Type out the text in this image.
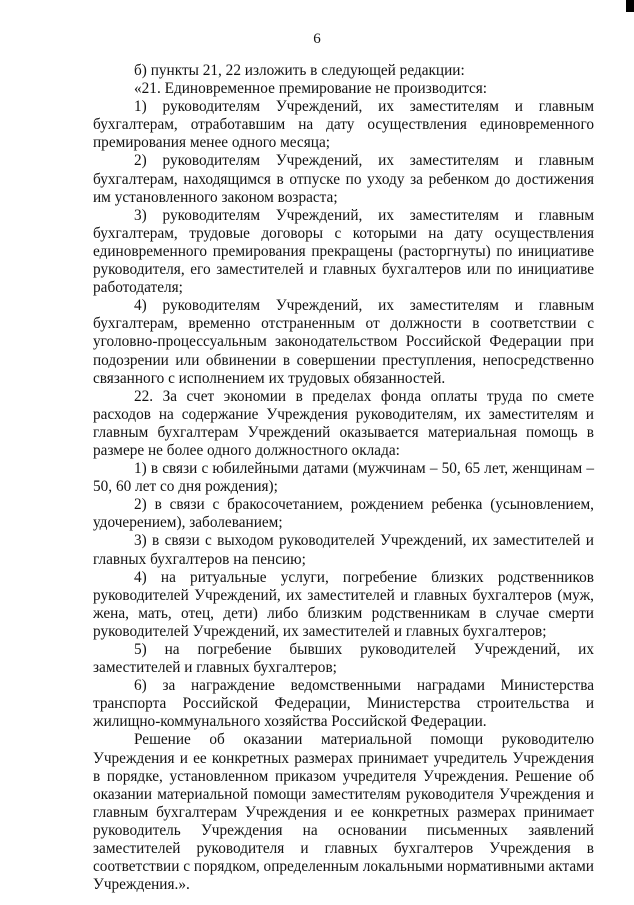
6

б) пункты 21, 22 изложить в следующей редакции:

«21. Единовременное премирование не производится:

1) руководителям Учреждений, их заместителям и главным бухгалтерам, отработавшим на дату осуществления единовременного премирования менее одного месяца;

2) руководителям Учреждений, их заместителям и главным бухгалтерам, находящимся в отпуске по уходу за ребенком до достижения им установленного законом возраста;

3) руководителям Учреждений, их заместителям и главным бухгалтерам, трудовые договоры с которыми на дату осуществления единовременного премирования прекращены (расторгнуты) по инициативе руководителя, его заместителей и главных бухгалтеров или по инициативе работодателя;

4) руководителям Учреждений, их заместителям и главным бухгалтерам, временно отстраненным от должности в соответствии с уголовно-процессуальным законодательством Российской Федерации при подозрении или обвинении в совершении преступления, непосредственно связанного с исполнением их трудовых обязанностей.

22. За счет экономии в пределах фонда оплаты труда по смете расходов на содержание Учреждения руководителям, их заместителям и главным бухгалтерам Учреждений оказывается материальная помощь в размере не более одного должностного оклада:

1) в связи с юбилейными датами (мужчинам – 50, 65 лет, женщинам – 50, 60 лет со дня рождения);

2) в связи с бракосочетанием, рождением ребенка (усыновлением, удочерением), заболеванием;

3) в связи с выходом руководителей Учреждений, их заместителей и главных бухгалтеров на пенсию;

4) на ритуальные услуги, погребение близких родственников руководителей Учреждений, их заместителей и главных бухгалтеров (муж, жена, мать, отец, дети) либо близким родственникам в случае смерти руководителей Учреждений, их заместителей и главных бухгалтеров;

5) на погребение бывших руководителей Учреждений, их заместителей и главных бухгалтеров;

6) за награждение ведомственными наградами Министерства транспорта Российской Федерации, Министерства строительства и жилищно-коммунального хозяйства Российской Федерации.

Решение об оказании материальной помощи руководителю Учреждения и ее конкретных размерах принимает учредитель Учреждения в порядке, установленном приказом учредителя Учреждения. Решение об оказании материальной помощи заместителям руководителя Учреждения и главным бухгалтерам Учреждения и ее конкретных размерах принимает руководитель Учреждения на основании письменных заявлений заместителей руководителя и главных бухгалтеров Учреждения в соответствии с порядком, определенным локальными нормативными актами Учреждения.».
